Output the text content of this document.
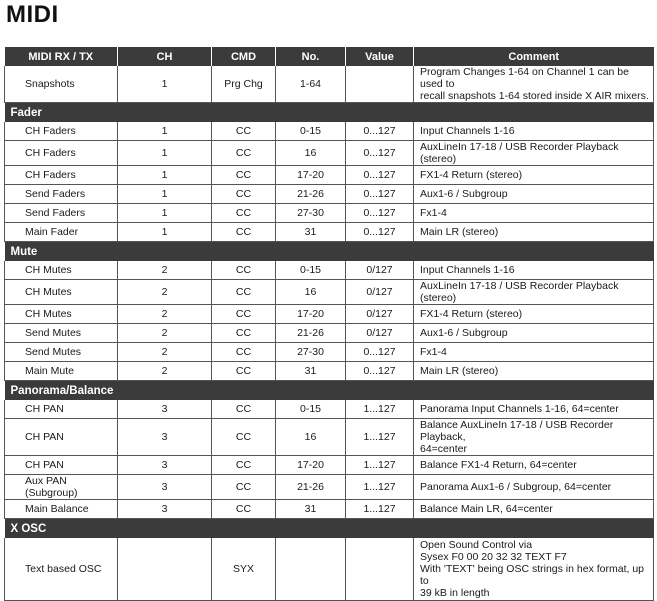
MIDI
MIDI RX / TX	CH	CMD	No.	Value	Comment
Snapshots	1	Prg Chg	1-64		Program Changes 1-64 on Channel 1 can be used to
recall snapshots 1-64 stored inside X AIR mixers.

Fader					
CH Faders	1	CC	0-15	0...127	Input Channels 1-16
CH Faders	1	CC	16	0...127	AuxLineIn 17-18 / USB Recorder Playback (stereo)
CH Faders	1	CC	17-20	0...127	FX1-4 Return (stereo)
Send Faders	1	CC	21-26	0...127	Aux1-6 / Subgroup
Send Faders	1	CC	27-30	0...127	Fx1-4
Main Fader	1	CC	31	0...127	Main LR (stereo)
Mute					
CH Mutes	2	CC	0-15	0/127	Input Channels 1-16
CH Mutes	2	CC	16	0/127	AuxLineIn 17-18 / USB Recorder Playback (stereo)
CH Mutes	2	CC	17-20	0/127	FX1-4 Return (stereo)
Send Mutes	2	CC	21-26	0/127	Aux1-6 / Subgroup
Send Mutes	2	CC	27-30	0...127	Fx1-4
Main Mute	2	CC	31	0...127	Main LR (stereo)
Panorama/Balance					
CH PAN	3	CC	0-15	1...127	Panorama Input Channels 1-16, 64=center

CH PAN	3	CC	16	1...127	Balance AuxLineIn 17-18 / USB Recorder Playback,
64=center

CH PAN	3	CC	17-20	1...127	Balance FX1-4 Return, 64=center

Aux PAN (Subgroup)	3	CC	21-26	1...127	Panorama Aux1-6 / Subgroup, 64=center

Main Balance	3	CC	31	1...127	Balance Main LR, 64=center

X OSC					
Text based OSC		SYX			Open Sound Control via
Sysex F0 00 20 32 32 TEXT F7
With 'TEXT' being OSC strings in hex format, up to
39 kB in length
